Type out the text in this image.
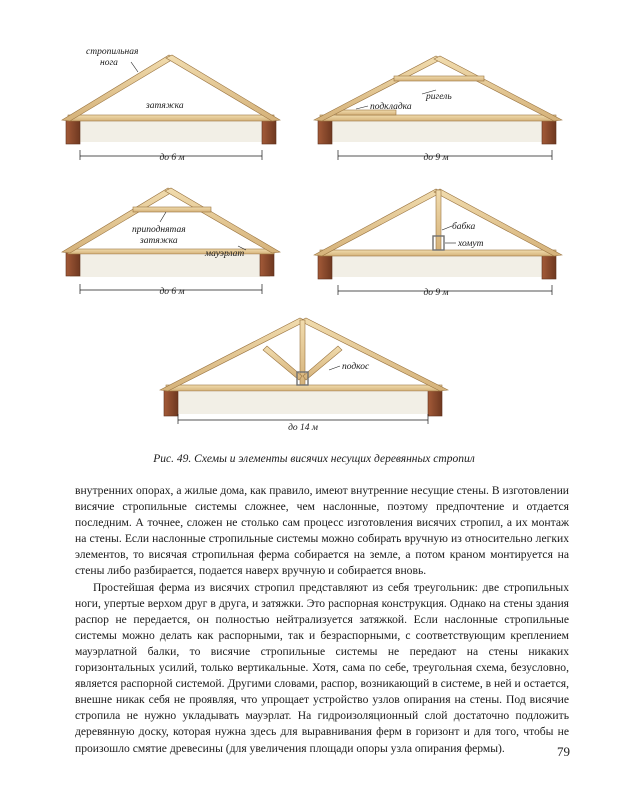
стропильная
нога
затяжка
до 6 м
ригель
подкладка
до 9 м
приподнятая
затяжка
мауэрлат
до 6 м
бабка
хомут
до 9 м
подкос
до 14 м
Рис. 49. Схемы и элементы висячих несущих деревянных стропил

внутренних опорах, а жилые дома, как правило, имеют внутренние несущие стены. В изготовлении висячие стропильные системы сложнее, чем наслонные, поэтому предпочтение и отдается последним. А точнее, сложен не столько сам процесс изготовления висячих стропил, а их монтаж на стены. Если наслонные стропильные системы можно собирать вручную из относительно легких элементов, то висячая стропильная ферма собирается на земле, а потом краном монтируется на стены либо разбирается, подается наверх вручную и собирается вновь.

Простейшая ферма из висячих стропил представляют из себя треугольник: две стропильных ноги, упертые верхом друг в друга, и затяжки. Это распорная конструкция. Однако на стены здания распор не передается, он полностью нейтрализуется затяжкой. Если наслонные стропильные системы можно делать как распорными, так и безраспорными, с соответствующим креплением мауэрлатной балки, то висячие стропильные системы не передают на стены никаких горизонтальных усилий, только вертикальные. Хотя, сама по себе, треугольная схема, безусловно, является распорной системой. Другими словами, распор, возникающий в системе, в ней и остается, внешне никак себя не проявляя, что упрощает устройство узлов опирания на стены. Под висячие стропила не нужно укладывать мауэрлат. На гидроизоляционный слой достаточно подложить деревянную доску, которая нужна здесь для выравнивания ферм в горизонт и для того, чтобы не произошло смятие древесины (для увеличения площади опоры узла опирания фермы).	79
